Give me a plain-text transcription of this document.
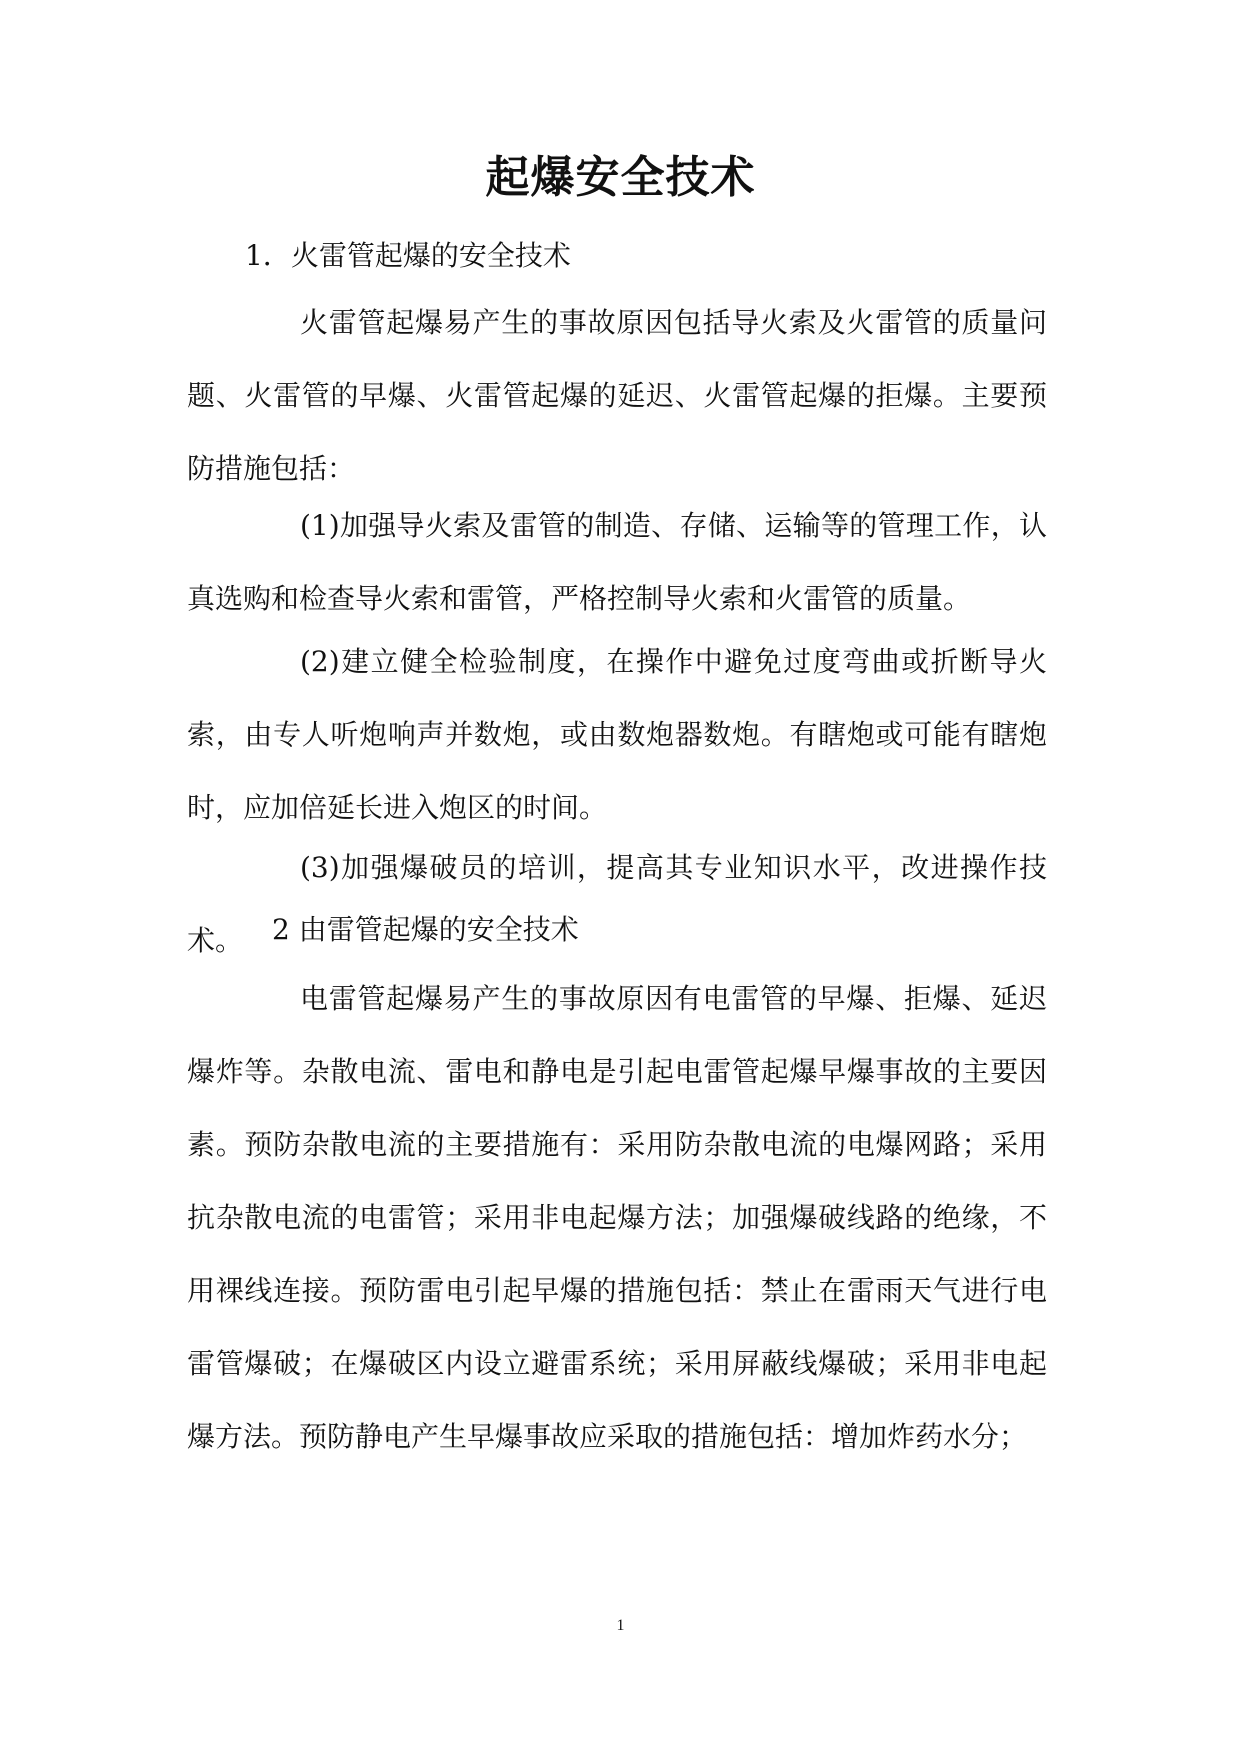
起爆安全技术

1．火雷管起爆的安全技术

火雷管起爆易产生的事故原因包括导火索及火雷管的质量问题、火雷管的早爆、火雷管起爆的延迟、火雷管起爆的拒爆。主要预防措施包括：

(1)加强导火索及雷管的制造、存储、运输等的管理工作，认真选购和检查导火索和雷管，严格控制导火索和火雷管的质量。

(2)建立健全检验制度，在操作中避免过度弯曲或折断导火索，由专人听炮响声并数炮，或由数炮器数炮。有瞎炮或可能有瞎炮时，应加倍延长进入炮区的时间。

(3)加强爆破员的培训，提高其专业知识水平，改进操作技术。	2 由雷管起爆的安全技术

电雷管起爆易产生的事故原因有电雷管的早爆、拒爆、延迟爆炸等。杂散电流、雷电和静电是引起电雷管起爆早爆事故的主要因素。预防杂散电流的主要措施有：采用防杂散电流的电爆网路；采用抗杂散电流的电雷管；采用非电起爆方法；加强爆破线路的绝缘，不用裸线连接。预防雷电引起早爆的措施包括：禁止在雷雨天气进行电雷管爆破；在爆破区内设立避雷系统；采用屏蔽线爆破；采用非电起爆方法。预防静电产生早爆事故应采取的措施包括：增加炸药水分；

1
